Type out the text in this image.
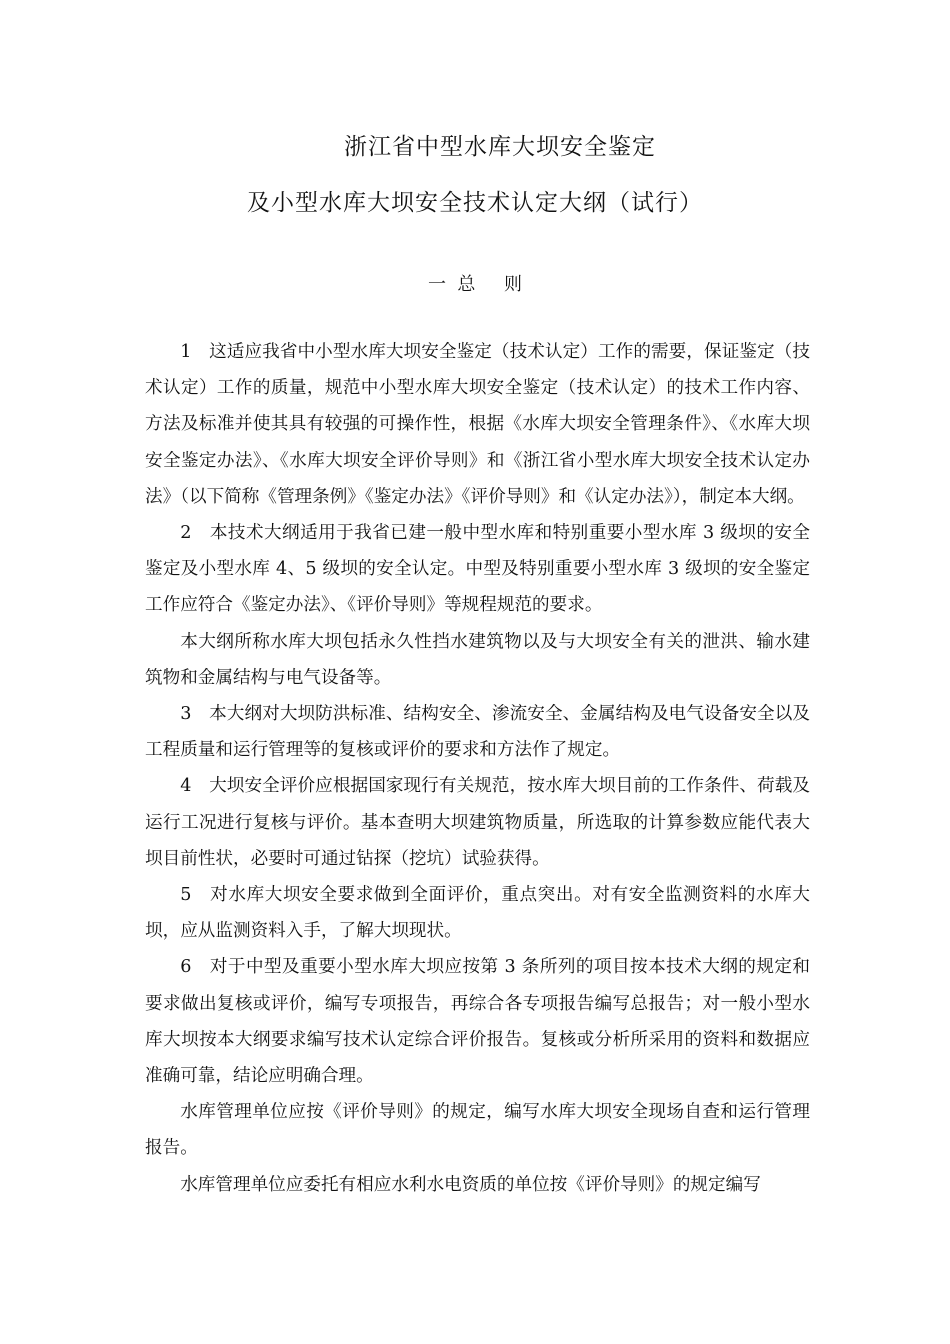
浙江省中型水库大坝安全鉴定
及小型水库大坝安全技术认定大纲（试行）
一  总     则

1　这适应我省中小型水库大坝安全鉴定（技术认定）工作的需要，保证鉴定（技术认定）工作的质量，规范中小型水库大坝安全鉴定（技术认定）的技术工作内容、方法及标准并使其具有较强的可操作性，根据《水库大坝安全管理条件》、《水库大坝安全鉴定办法》、《水库大坝安全评价导则》和《浙江省小型水库大坝安全技术认定办法》（以下简称《管理条例》《鉴定办法》《评价导则》和《认定办法》），制定本大纲。

2　本技术大纲适用于我省已建一般中型水库和特别重要小型水库 3 级坝的安全鉴定及小型水库 4、5 级坝的安全认定。中型及特别重要小型水库 3 级坝的安全鉴定工作应符合《鉴定办法》、《评价导则》等规程规范的要求。

本大纲所称水库大坝包括永久性挡水建筑物以及与大坝安全有关的泄洪、输水建筑物和金属结构与电气设备等。

3　本大纲对大坝防洪标准、结构安全、渗流安全、金属结构及电气设备安全以及工程质量和运行管理等的复核或评价的要求和方法作了规定。

4　大坝安全评价应根据国家现行有关规范，按水库大坝目前的工作条件、荷载及运行工况进行复核与评价。基本查明大坝建筑物质量，所选取的计算参数应能代表大坝目前性状，必要时可通过钻探（挖坑）试验获得。

5　对水库大坝安全要求做到全面评价，重点突出。对有安全监测资料的水库大坝，应从监测资料入手，了解大坝现状。

6　对于中型及重要小型水库大坝应按第 3 条所列的项目按本技术大纲的规定和要求做出复核或评价，编写专项报告，再综合各专项报告编写总报告；对一般小型水库大坝按本大纲要求编写技术认定综合评价报告。复核或分析所采用的资料和数据应准确可靠，结论应明确合理。

水库管理单位应按《评价导则》的规定，编写水库大坝安全现场自查和运行管理报告。

水库管理单位应委托有相应水利水电资质的单位按《评价导则》的规定编写
